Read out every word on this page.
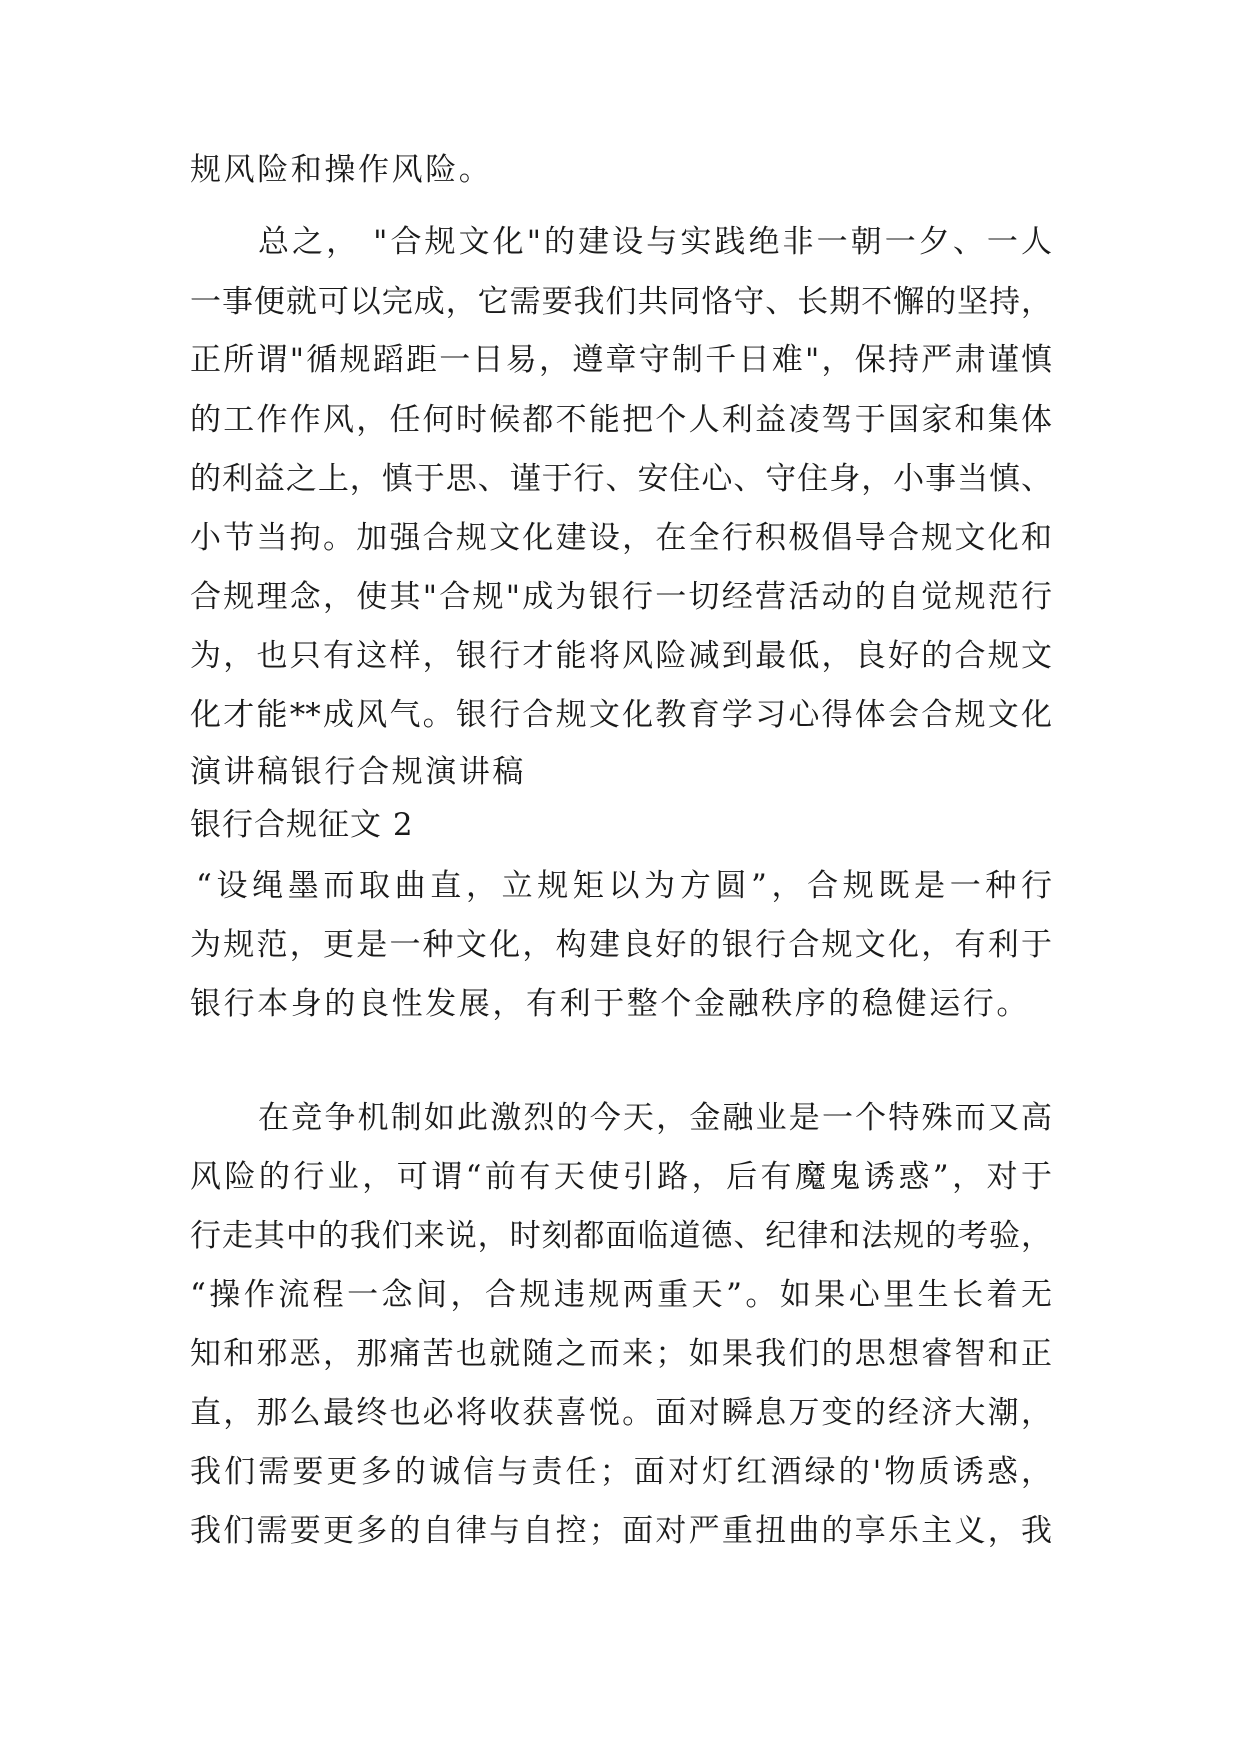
规风险和操作风险。
总之， "合规文化"的建设与实践绝非一朝一夕、一人
一事便就可以完成，它需要我们共同恪守、长期不懈的坚持，
正所谓"循规蹈距一日易，遵章守制千日难"，保持严肃谨慎
的工作作风，任何时候都不能把个人利益凌驾于国家和集体
的利益之上，慎于思、谨于行、安住心、守住身，小事当慎、
小节当拘。加强合规文化建设，在全行积极倡导合规文化和
合规理念，使其"合规"成为银行一切经营活动的自觉规范行
为，也只有这样，银行才能将风险减到最低，良好的合规文
化才能**成风气。银行合规文化教育学习心得体会合规文化
演讲稿银行合规演讲稿
银行合规征文 2
“设绳墨而取曲直，立规矩以为方圆”，合规既是一种行
为规范，更是一种文化，构建良好的银行合规文化，有利于
银行本身的良性发展，有利于整个金融秩序的稳健运行。
在竞争机制如此激烈的今天，金融业是一个特殊而又高
风险的行业，可谓“前有天使引路，后有魔鬼诱惑”，对于
行走其中的我们来说，时刻都面临道德、纪律和法规的考验，
“操作流程一念间，合规违规两重天”。如果心里生长着无
知和邪恶，那痛苦也就随之而来；如果我们的思想睿智和正
直，那么最终也必将收获喜悦。面对瞬息万变的经济大潮，
我们需要更多的诚信与责任；面对灯红酒绿的'物质诱惑，
我们需要更多的自律与自控；面对严重扭曲的享乐主义，我
